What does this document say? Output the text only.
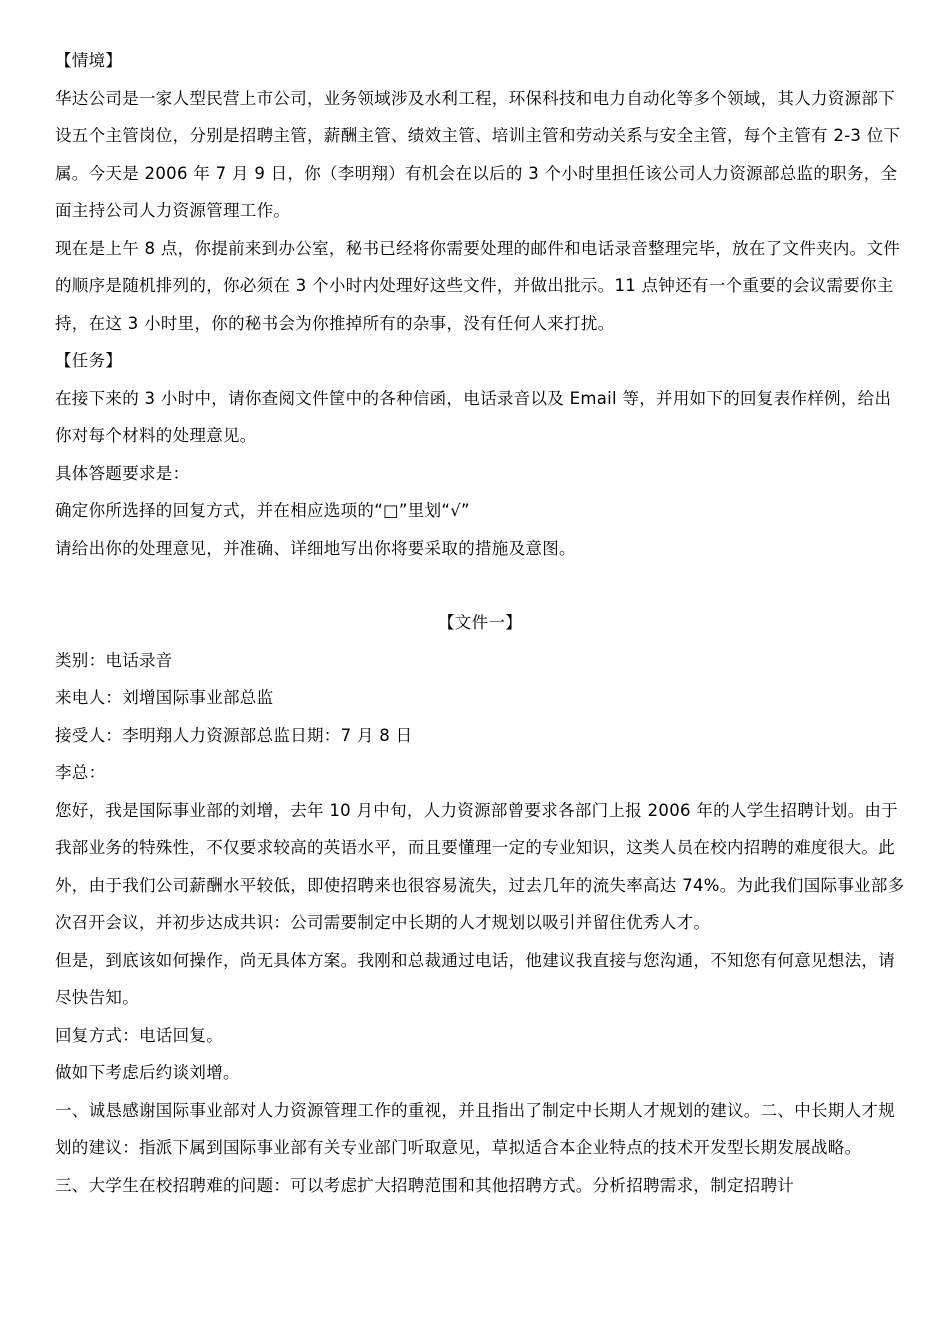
【情境】

华达公司是一家人型民营上市公司，业务领域涉及水利工程，环保科技和电力自动化等多个领域，其人力资源部下设五个主管岗位，分别是招聘主管，薪酬主管、绩效主管、培训主管和劳动关系与安全主管，每个主管有 2-3 位下属。今天是 2006 年 7 月 9 日，你（李明翔）有机会在以后的 3 个小时里担任该公司人力资源部总监的职务，全面主持公司人力资源管理工作。

现在是上午 8 点，你提前来到办公室，秘书已经将你需要处理的邮件和电话录音整理完毕，放在了文件夹内。文件的顺序是随机排列的，你必须在 3 个小时内处理好这些文件，并做出批示。11 点钟还有一个重要的会议需要你主持，在这 3 小时里，你的秘书会为你推掉所有的杂事，没有任何人来打扰。

【任务】

在接下来的 3 小时中，请你查阅文件筐中的各种信函，电话录音以及 Email 等，并用如下的回复表作样例，给出你对每个材料的处理意见。

具体答题要求是：

确定你所选择的回复方式，并在相应选项的“□”里划“√”

请给出你的处理意见，并准确、详细地写出你将要采取的措施及意图。

【文件一】

类别：电话录音

来电人：刘增国际事业部总监

接受人：李明翔人力资源部总监日期：7 月 8 日

李总：

您好，我是国际事业部的刘增，去年 10 月中旬，人力资源部曾要求各部门上报 2006 年的人学生招聘计划。由于我部业务的特殊性，不仅要求较高的英语水平，而且要懂理一定的专业知识，这类人员在校内招聘的难度很大。此外，由于我们公司薪酬水平较低，即使招聘来也很容易流失，过去几年的流失率高达 74%。为此我们国际事业部多次召开会议，并初步达成共识：公司需要制定中长期的人才规划以吸引并留住优秀人才。

但是，到底该如何操作，尚无具体方案。我刚和总裁通过电话，他建议我直接与您沟通，不知您有何意见想法，请尽快告知。

回复方式：电话回复。

做如下考虑后约谈刘增。

一、诚恳感谢国际事业部对人力资源管理工作的重视，并且指出了制定中长期人才规划的建议。二、中长期人才规划的建议：指派下属到国际事业部有关专业部门听取意见，草拟适合本企业特点的技术开发型长期发展战略。

三、大学生在校招聘难的问题：可以考虑扩大招聘范围和其他招聘方式。分析招聘需求，制定招聘计
